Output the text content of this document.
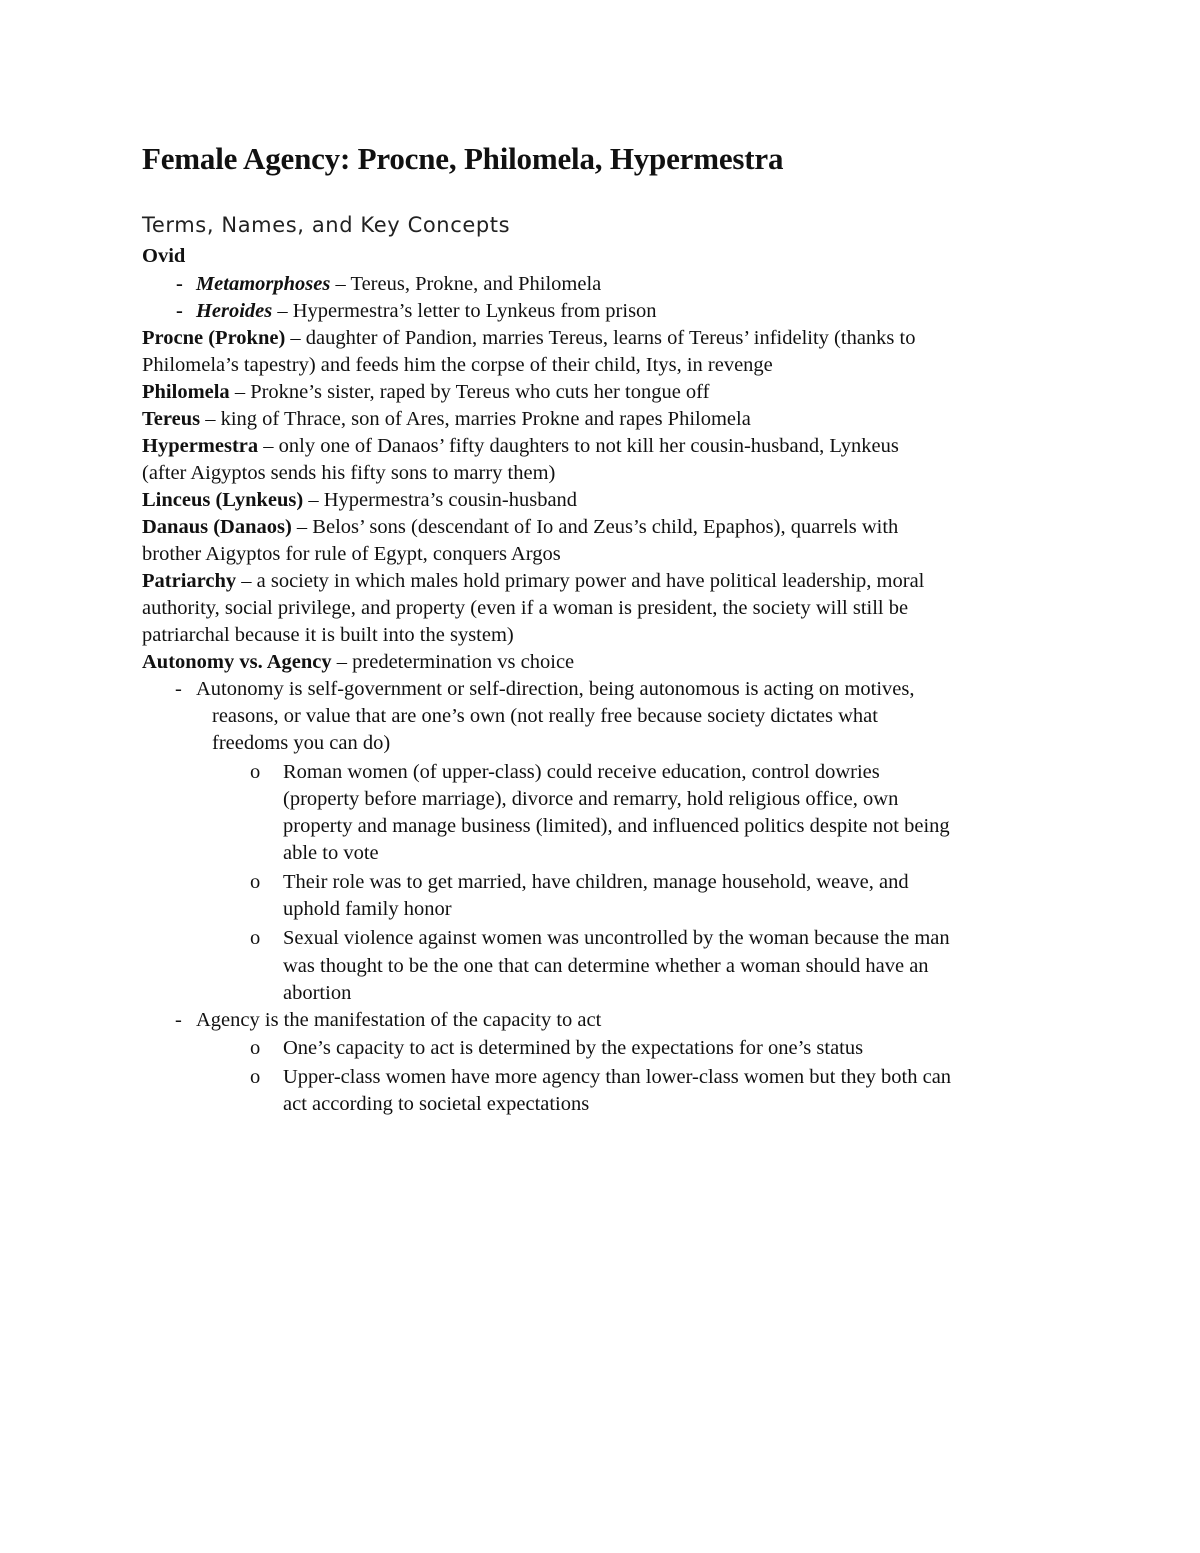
Female Agency: Procne, Philomela, Hypermestra
Terms, Names, and Key Concepts
Ovid
- Metamorphoses – Tereus, Prokne, and Philomela
- Heroides – Hypermestra’s letter to Lynkeus from prison
Procne (Prokne) – daughter of Pandion, marries Tereus, learns of Tereus’ infidelity (thanks to
Philomela’s tapestry) and feeds him the corpse of their child, Itys, in revenge
Philomela – Prokne’s sister, raped by Tereus who cuts her tongue off
Tereus – king of Thrace, son of Ares, marries Prokne and rapes Philomela
Hypermestra – only one of Danaos’ fifty daughters to not kill her cousin-husband, Lynkeus
(after Aigyptos sends his fifty sons to marry them)
Linceus (Lynkeus) – Hypermestra’s cousin-husband
Danaus (Danaos) – Belos’ sons (descendant of Io and Zeus’s child, Epaphos), quarrels with
brother Aigyptos for rule of Egypt, conquers Argos
Patriarchy – a society in which males hold primary power and have political leadership, moral
authority, social privilege, and property (even if a woman is president, the society will still be
patriarchal because it is built into the system)
Autonomy vs. Agency – predetermination vs choice
- Autonomy is self-government or self-direction, being autonomous is acting on motives,
reasons, or value that are one’s own (not really free because society dictates what
freedoms you can do)
o Roman women (of upper-class) could receive education, control dowries
(property before marriage), divorce and remarry, hold religious office, own
property and manage business (limited), and influenced politics despite not being
able to vote
o Their role was to get married, have children, manage household, weave, and
uphold family honor
o Sexual violence against women was uncontrolled by the woman because the man
was thought to be the one that can determine whether a woman should have an
abortion
- Agency is the manifestation of the capacity to act
o One’s capacity to act is determined by the expectations for one’s status
o Upper-class women have more agency than lower-class women but they both can
act according to societal expectations
